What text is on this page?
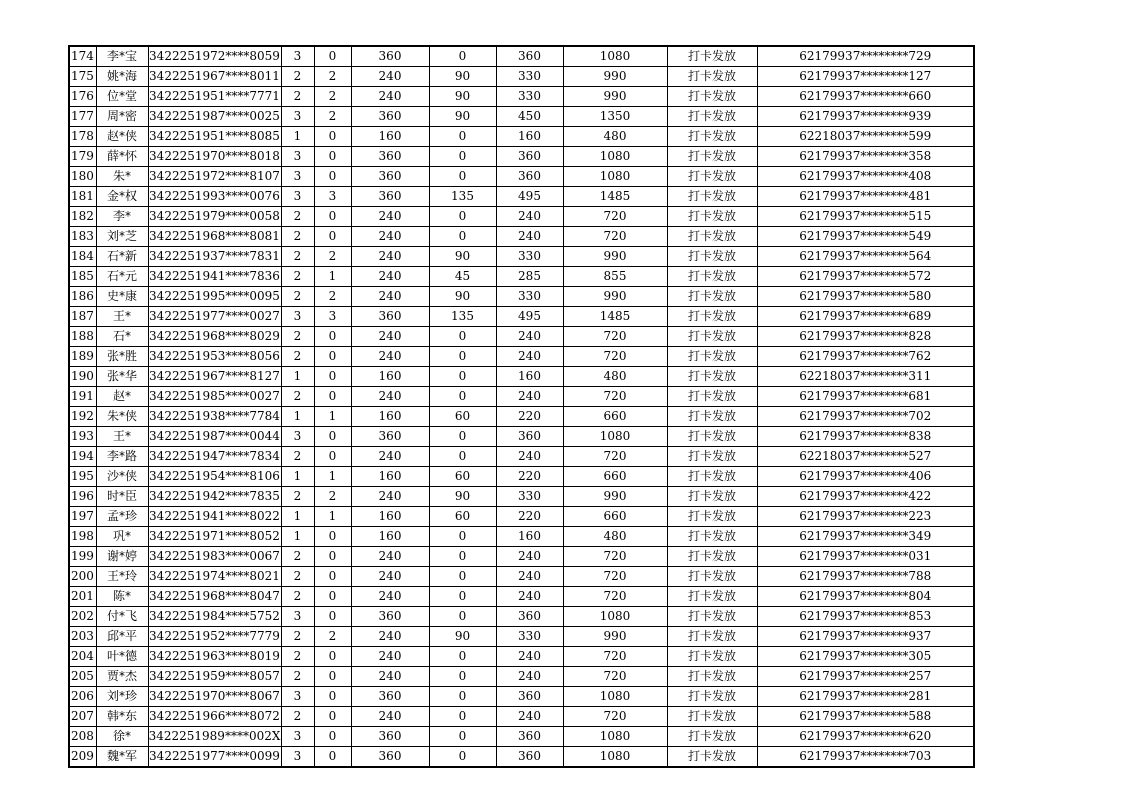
174	李*宝	3422251972****8059	3	0	360	0	360	1080	打卡发放	62179937********729
175	姚*海	3422251967****8011	2	2	240	90	330	990	打卡发放	62179937********127
176	位*堂	3422251951****7771	2	2	240	90	330	990	打卡发放	62179937********660
177	周*密	3422251987****0025	3	2	360	90	450	1350	打卡发放	62179937********939
178	赵*侠	3422251951****8085	1	0	160	0	160	480	打卡发放	62218037********599
179	薛*怀	3422251970****8018	3	0	360	0	360	1080	打卡发放	62179937********358
180	朱*	3422251972****8107	3	0	360	0	360	1080	打卡发放	62179937********408
181	金*权	3422251993****0076	3	3	360	135	495	1485	打卡发放	62179937********481
182	李*	3422251979****0058	2	0	240	0	240	720	打卡发放	62179937********515
183	刘*芝	3422251968****8081	2	0	240	0	240	720	打卡发放	62179937********549
184	石*新	3422251937****7831	2	2	240	90	330	990	打卡发放	62179937********564
185	石*元	3422251941****7836	2	1	240	45	285	855	打卡发放	62179937********572
186	史*康	3422251995****0095	2	2	240	90	330	990	打卡发放	62179937********580
187	王*	3422251977****0027	3	3	360	135	495	1485	打卡发放	62179937********689
188	石*	3422251968****8029	2	0	240	0	240	720	打卡发放	62179937********828
189	张*胜	3422251953****8056	2	0	240	0	240	720	打卡发放	62179937********762
190	张*华	3422251967****8127	1	0	160	0	160	480	打卡发放	62218037********311
191	赵*	3422251985****0027	2	0	240	0	240	720	打卡发放	62179937********681
192	朱*侠	3422251938****7784	1	1	160	60	220	660	打卡发放	62179937********702
193	王*	3422251987****0044	3	0	360	0	360	1080	打卡发放	62179937********838
194	李*路	3422251947****7834	2	0	240	0	240	720	打卡发放	62218037********527
195	沙*侠	3422251954****8106	1	1	160	60	220	660	打卡发放	62179937********406
196	时*臣	3422251942****7835	2	2	240	90	330	990	打卡发放	62179937********422
197	孟*珍	3422251941****8022	1	1	160	60	220	660	打卡发放	62179937********223
198	巩*	3422251971****8052	1	0	160	0	160	480	打卡发放	62179937********349
199	谢*婷	3422251983****0067	2	0	240	0	240	720	打卡发放	62179937********031
200	王*玲	3422251974****8021	2	0	240	0	240	720	打卡发放	62179937********788
201	陈*	3422251968****8047	2	0	240	0	240	720	打卡发放	62179937********804
202	付*飞	3422251984****5752	3	0	360	0	360	1080	打卡发放	62179937********853
203	邱*平	3422251952****7779	2	2	240	90	330	990	打卡发放	62179937********937
204	叶*德	3422251963****8019	2	0	240	0	240	720	打卡发放	62179937********305
205	贾*杰	3422251959****8057	2	0	240	0	240	720	打卡发放	62179937********257
206	刘*珍	3422251970****8067	3	0	360	0	360	1080	打卡发放	62179937********281
207	韩*东	3422251966****8072	2	0	240	0	240	720	打卡发放	62179937********588
208	徐*	3422251989****002X	3	0	360	0	360	1080	打卡发放	62179937********620
209	魏*军	3422251977****0099	3	0	360	0	360	1080	打卡发放	62179937********703
